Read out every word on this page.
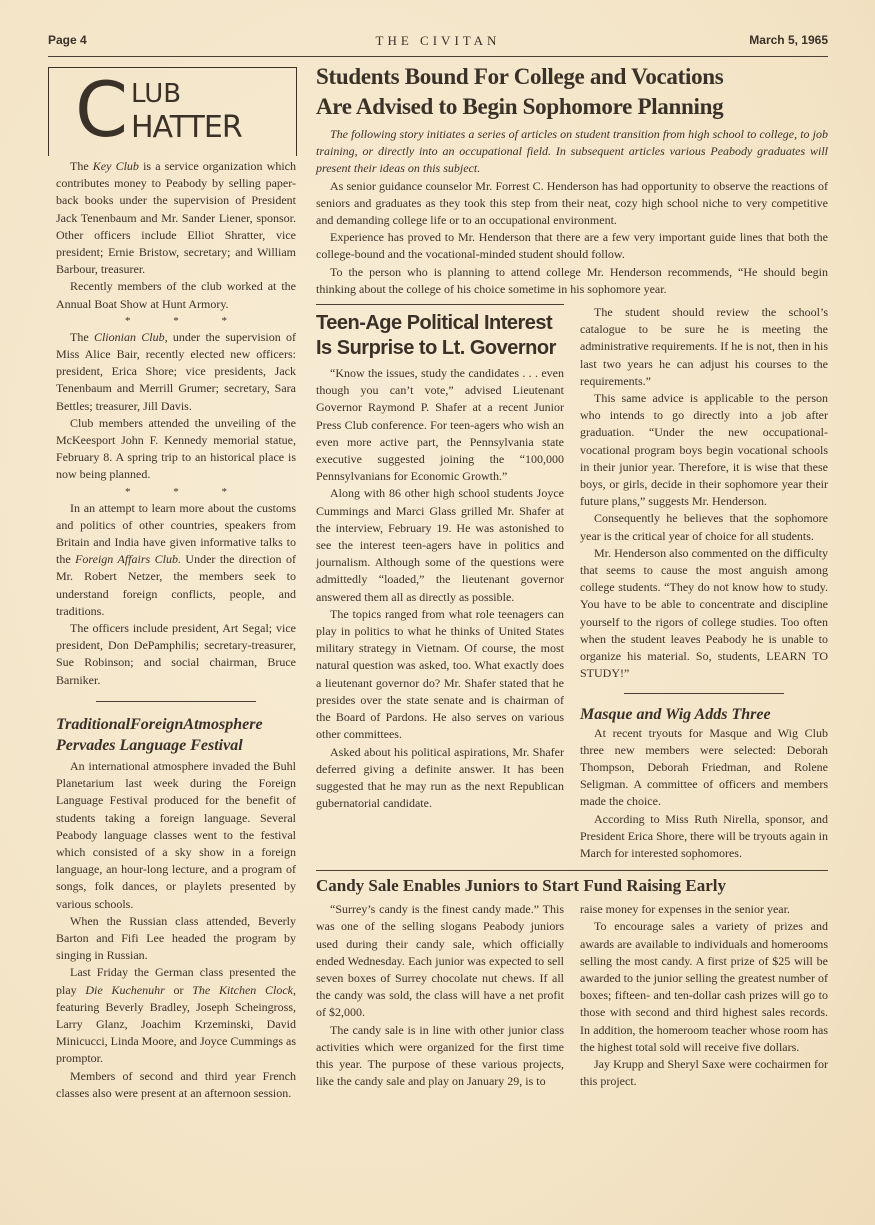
Page 4	THE CIVITAN	March 5, 1965
C LUB
HATTER

The Key Club is a service organization which contributes money to Peabody by selling paper-back books under the supervision of President Jack Tenenbaum and Mr. Sander Liener, sponsor. Other officers include Elliot Shratter, vice president; Ernie Bristow, secretary; and William Barbour, treasurer.

Recently members of the club worked at the Annual Boat Show at Hunt Armory.

* * *

The Clionian Club, under the supervision of Miss Alice Bair, recently elected new officers: president, Erica Shore; vice presidents, Jack Tenenbaum and Merrill Grumer; secretary, Sara Bettles; treasurer, Jill Davis.

Club members attended the unveiling of the McKeesport John F. Kennedy memorial statue, February 8. A spring trip to an historical place is now being planned.

* * *

In an attempt to learn more about the customs and politics of other countries, speakers from Britain and India have given informative talks to the Foreign Affairs Club. Under the direction of Mr. Robert Netzer, the members seek to understand foreign conflicts, people, and traditions.

The officers include president, Art Segal; vice president, Don DePamphilis; secretary-treasurer, Sue Robinson; and social chairman, Bruce Barniker.

TraditionalForeignAtmosphere
Pervades Language Festival

An international atmosphere invaded the Buhl Planetarium last week during the Foreign Language Festival produced for the benefit of students taking a foreign language. Several Peabody language classes went to the festival which consisted of a sky show in a foreign language, an hour-long lecture, and a program of songs, folk dances, or playlets presented by various schools.

When the Russian class attended, Beverly Barton and Fifi Lee headed the program by singing in Russian.

Last Friday the German class presented the play Die Kuchenuhr or The Kitchen Clock, featuring Beverly Bradley, Joseph Scheingross, Larry Glanz, Joachim Krzeminski, David Minicucci, Linda Moore, and Joyce Cummings as promptor.

Members of second and third year French classes also were present at an afternoon session.

Students Bound For College and Vocations
Are Advised to Begin Sophomore Planning

The following story initiates a series of articles on student transition from high school to college, to job training, or directly into an occupational field. In subsequent articles various Peabody graduates will present their ideas on this subject.

As senior guidance counselor Mr. Forrest C. Henderson has had opportunity to observe the reactions of seniors and graduates as they took this step from their neat, cozy high school niche to very competitive and demanding college life or to an occupational environment.

Experience has proved to Mr. Henderson that there are a few very important guide lines that both the college-bound and the vocational-minded student should follow.

To the person who is planning to attend college Mr. Henderson recommends, “He should begin thinking about the college of his choice sometime in his sophomore year.

Teen-Age Political Interest
Is Surprise to Lt. Governor

“Know the issues, study the candidates . . . even though you can’t vote,” advised Lieutenant Governor Raymond P. Shafer at a recent Junior Press Club conference. For teen-agers who wish an even more active part, the Pennsylvania state executive suggested joining the “100,000 Pennsylvanians for Economic Growth.”

Along with 86 other high school students Joyce Cummings and Marci Glass grilled Mr. Shafer at the interview, February 19. He was astonished to see the interest teen-agers have in politics and journalism. Although some of the questions were admittedly “loaded,” the lieutenant governor answered them all as directly as possible.

The topics ranged from what role teenagers can play in politics to what he thinks of United States military strategy in Vietnam. Of course, the most natural question was asked, too. What exactly does a lieutenant governor do? Mr. Shafer stated that he presides over the state senate and is chairman of the Board of Pardons. He also serves on various other committees.

Asked about his political aspirations, Mr. Shafer deferred giving a definite answer. It has been suggested that he may run as the next Republican gubernatorial candidate.

The student should review the school’s catalogue to be sure he is meeting the administrative requirements. If he is not, then in his last two years he can adjust his courses to the requirements.”

This same advice is applicable to the person who intends to go directly into a job after graduation. “Under the new occupational-vocational program boys begin vocational schools in their junior year. Therefore, it is wise that these boys, or girls, decide in their sophomore year their future plans,” suggests Mr. Henderson.

Consequently he believes that the sophomore year is the critical year of choice for all students.

Mr. Henderson also commented on the difficulty that seems to cause the most anguish among college students. “They do not know how to study. You have to be able to concentrate and discipline yourself to the rigors of college studies. Too often when the student leaves Peabody he is unable to organize his material. So, students, LEARN TO STUDY!”

Masque and Wig Adds Three

At recent tryouts for Masque and Wig Club three new members were selected: Deborah Thompson, Deborah Friedman, and Rolene Seligman. A committee of officers and members made the choice.

According to Miss Ruth Nirella, sponsor, and President Erica Shore, there will be tryouts again in March for interested sophomores.

Candy Sale Enables Juniors to Start Fund Raising Early

“Surrey’s candy is the finest candy made.” This was one of the selling slogans Peabody juniors used during their candy sale, which officially ended Wednesday. Each junior was expected to sell seven boxes of Surrey chocolate nut chews. If all the candy was sold, the class will have a net profit of $2,000.

The candy sale is in line with other junior class activities which were organized for the first time this year. The purpose of these various projects, like the candy sale and play on January 29, is to

raise money for expenses in the senior year.

To encourage sales a variety of prizes and awards are available to individuals and homerooms selling the most candy. A first prize of $25 will be awarded to the junior selling the greatest number of boxes; fifteen- and ten-dollar cash prizes will go to those with second and third highest sales records. In addition, the homeroom teacher whose room has the highest total sold will receive five dollars.

Jay Krupp and Sheryl Saxe were cochairmen for this project.
